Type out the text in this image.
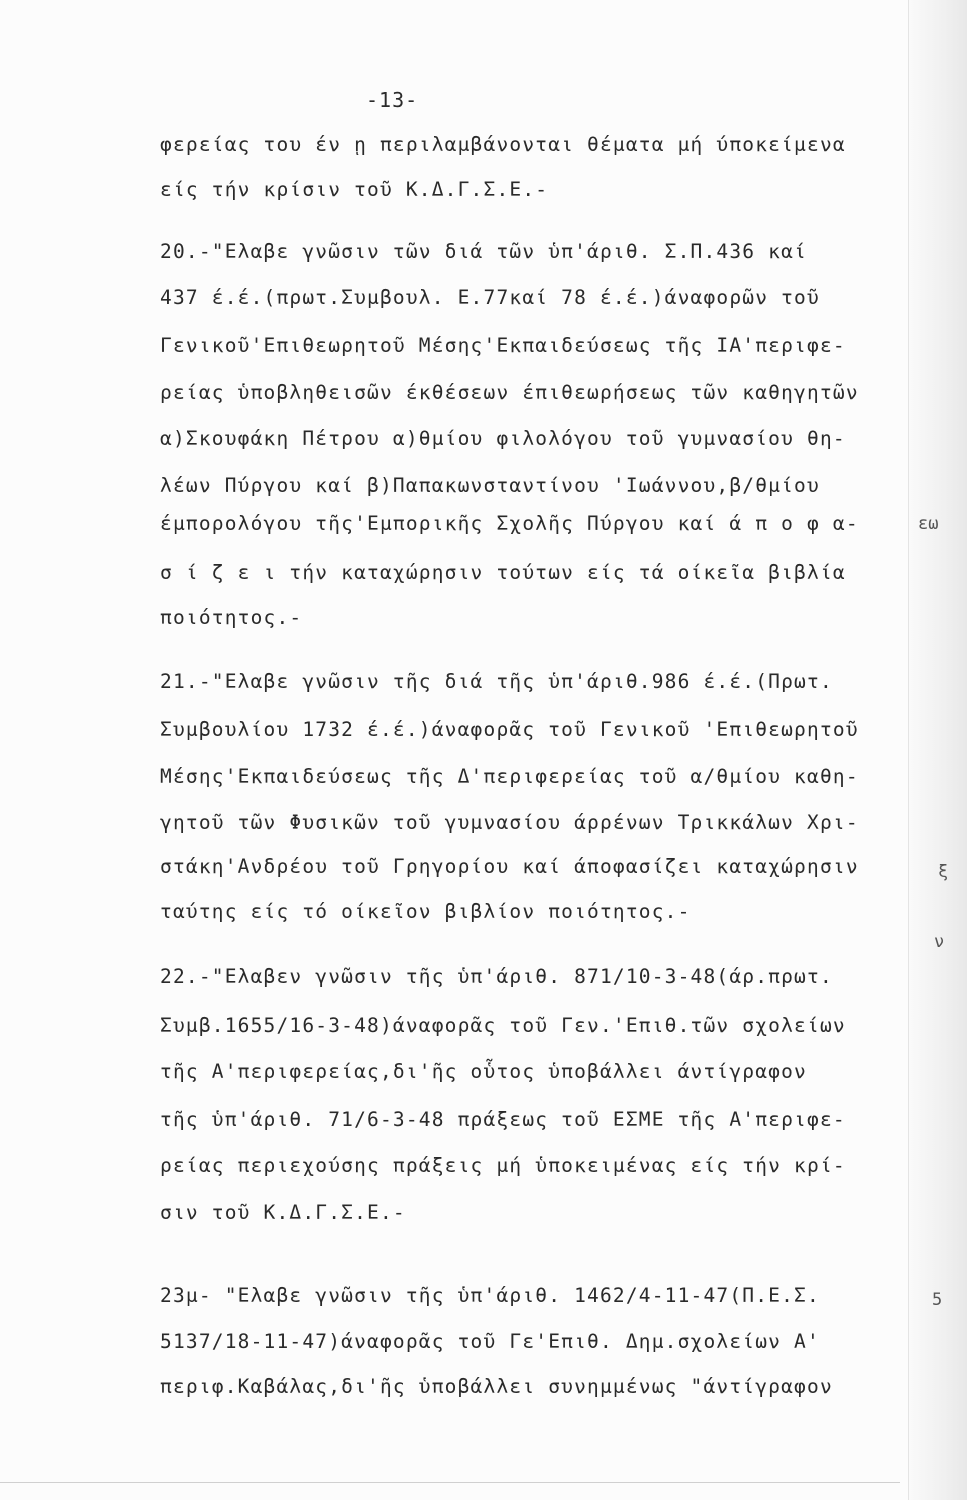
-13-
φερείας του έν ῃ περιλαμβάνονται θέματα μή ύποκείμενα
είς τήν κρίσιν τοῦ Κ.Δ.Γ.Σ.Ε.-
20.-"Ελαβε γνῶσιν τῶν διά τῶν ὑπ'άριθ. Σ.Π.436 καί
437 έ.έ.(πρωτ.Συμβουλ. Ε.77καί 78 έ.έ.)άναφορῶν τοῦ
Γενικοῦ'Επιθεωρητοῦ Μέσης'Εκπαιδεύσεως τῆς ΙΑ'περιφε-
ρείας ὑποβληθεισῶν έκθέσεων έπιθεωρήσεως τῶν καθηγητῶν
α)Σκουφάκη Πέτρου α)θμίου φιλολόγου τοῦ γυμνασίου θη-
λέων Πύργου καί β)Παπακωνσταντίνου 'Ιωάννου,β/θμίου
έμπορολόγου τῆς'Εμπορικῆς Σχολῆς Πύργου καί ά π ο φ α-
σ ί ζ ε ι τήν καταχώρησιν τούτων είς τά οίκεῖα βιβλία
ποιότητος.-
21.-"Ελαβε γνῶσιν τῆς διά τῆς ὑπ'άριθ.986 έ.έ.(Πρωτ.
Συμβουλίου 1732 έ.έ.)άναφορᾶς τοῦ Γενικοῦ 'Επιθεωρητοῦ
Μέσης'Εκπαιδεύσεως τῆς Δ'περιφερείας τοῦ α/θμίου καθη-
γητοῦ τῶν Φυσικῶν τοῦ γυμνασίου άρρένων Τρικκάλων Χρι-
στάκη'Ανδρέου τοῦ Γρηγορίου καί άποφασίζει καταχώρησιν
ταύτης είς τό οίκεῖον βιβλίον ποιότητος.-
22.-"Ελαβεν γνῶσιν τῆς ὑπ'άριθ. 871/10-3-48(άρ.πρωτ.
Συμβ.1655/16-3-48)άναφορᾶς τοῦ Γεν.'Επιθ.τῶν σχολείων
τῆς Α'περιφερείας,δι'ῆς οὗτος ὑποβάλλει άντίγραφον
τῆς ὑπ'άριθ. 71/6-3-48 πράξεως τοῦ ΕΣΜΕ τῆς Α'περιφε-
ρείας περιεχούσης πράξεις μή ὑποκειμένας είς τήν κρί-
σιν τοῦ Κ.Δ.Γ.Σ.Ε.-
23μ- "Ελαβε γνῶσιν τῆς ὑπ'άριθ. 1462/4-11-47(Π.Ε.Σ.
5137/18-11-47)άναφορᾶς τοῦ Γε'Επιθ. Δημ.σχολείων Α'
περιφ.Καβάλας,δι'ῆς ὑποβάλλει συνημμένως "άντίγραφον
εω
ξ
ν
5
